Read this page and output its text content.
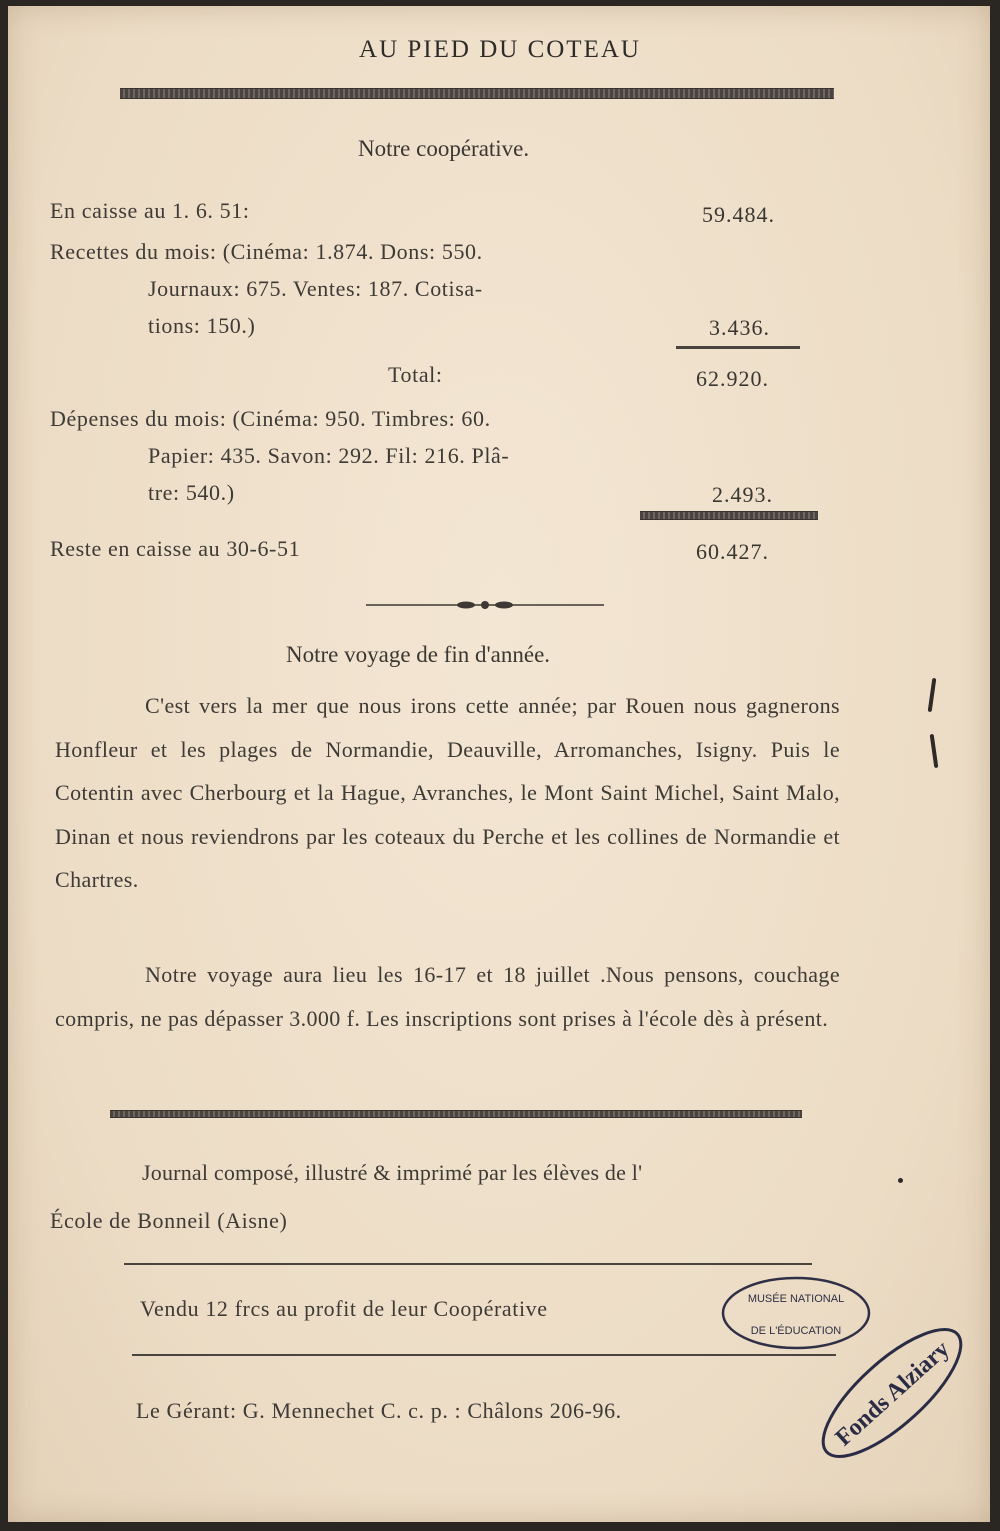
AU PIED DU COTEAU
Notre coopérative.
En caisse au 1. 6. 51:	59.484.
Recettes du mois: (Cinéma: 1.874. Dons: 550.
Journaux: 675. Ventes: 187. Cotisa-
tions: 150.)	3.436.
Total:	62.920.
Dépenses du mois: (Cinéma: 950. Timbres: 60.
Papier: 435. Savon: 292. Fil: 216. Plâ-
tre: 540.)	2.493.
Reste en caisse au 30-6-51	60.427.
Notre voyage de fin d'année.
C'est vers la mer que nous irons cette année; par Rouen nous gagnerons Honfleur et les plages de Normandie, Deauville, Arromanches, Isigny. Puis le Cotentin avec Cherbourg et la Hague, Avranches, le Mont Saint Michel, Saint Malo, Dinan et nous reviendrons par les coteaux du Perche et les collines de Normandie et Chartres.
Notre voyage aura lieu les 16-17 et 18 juillet .Nous pensons, couchage compris, ne pas dépasser 3.000 f. Les inscriptions sont prises à l'école dès à présent.
Journal composé, illustré & imprimé par les élèves de l'
École de Bonneil (Aisne)
Vendu 12 frcs au profit de leur Coopérative
Le Gérant: G. Mennechet C. c. p. : Châlons 206-96.
MUSÉE NATIONAL
DE L'ÉDUCATION
Fonds Alziary
